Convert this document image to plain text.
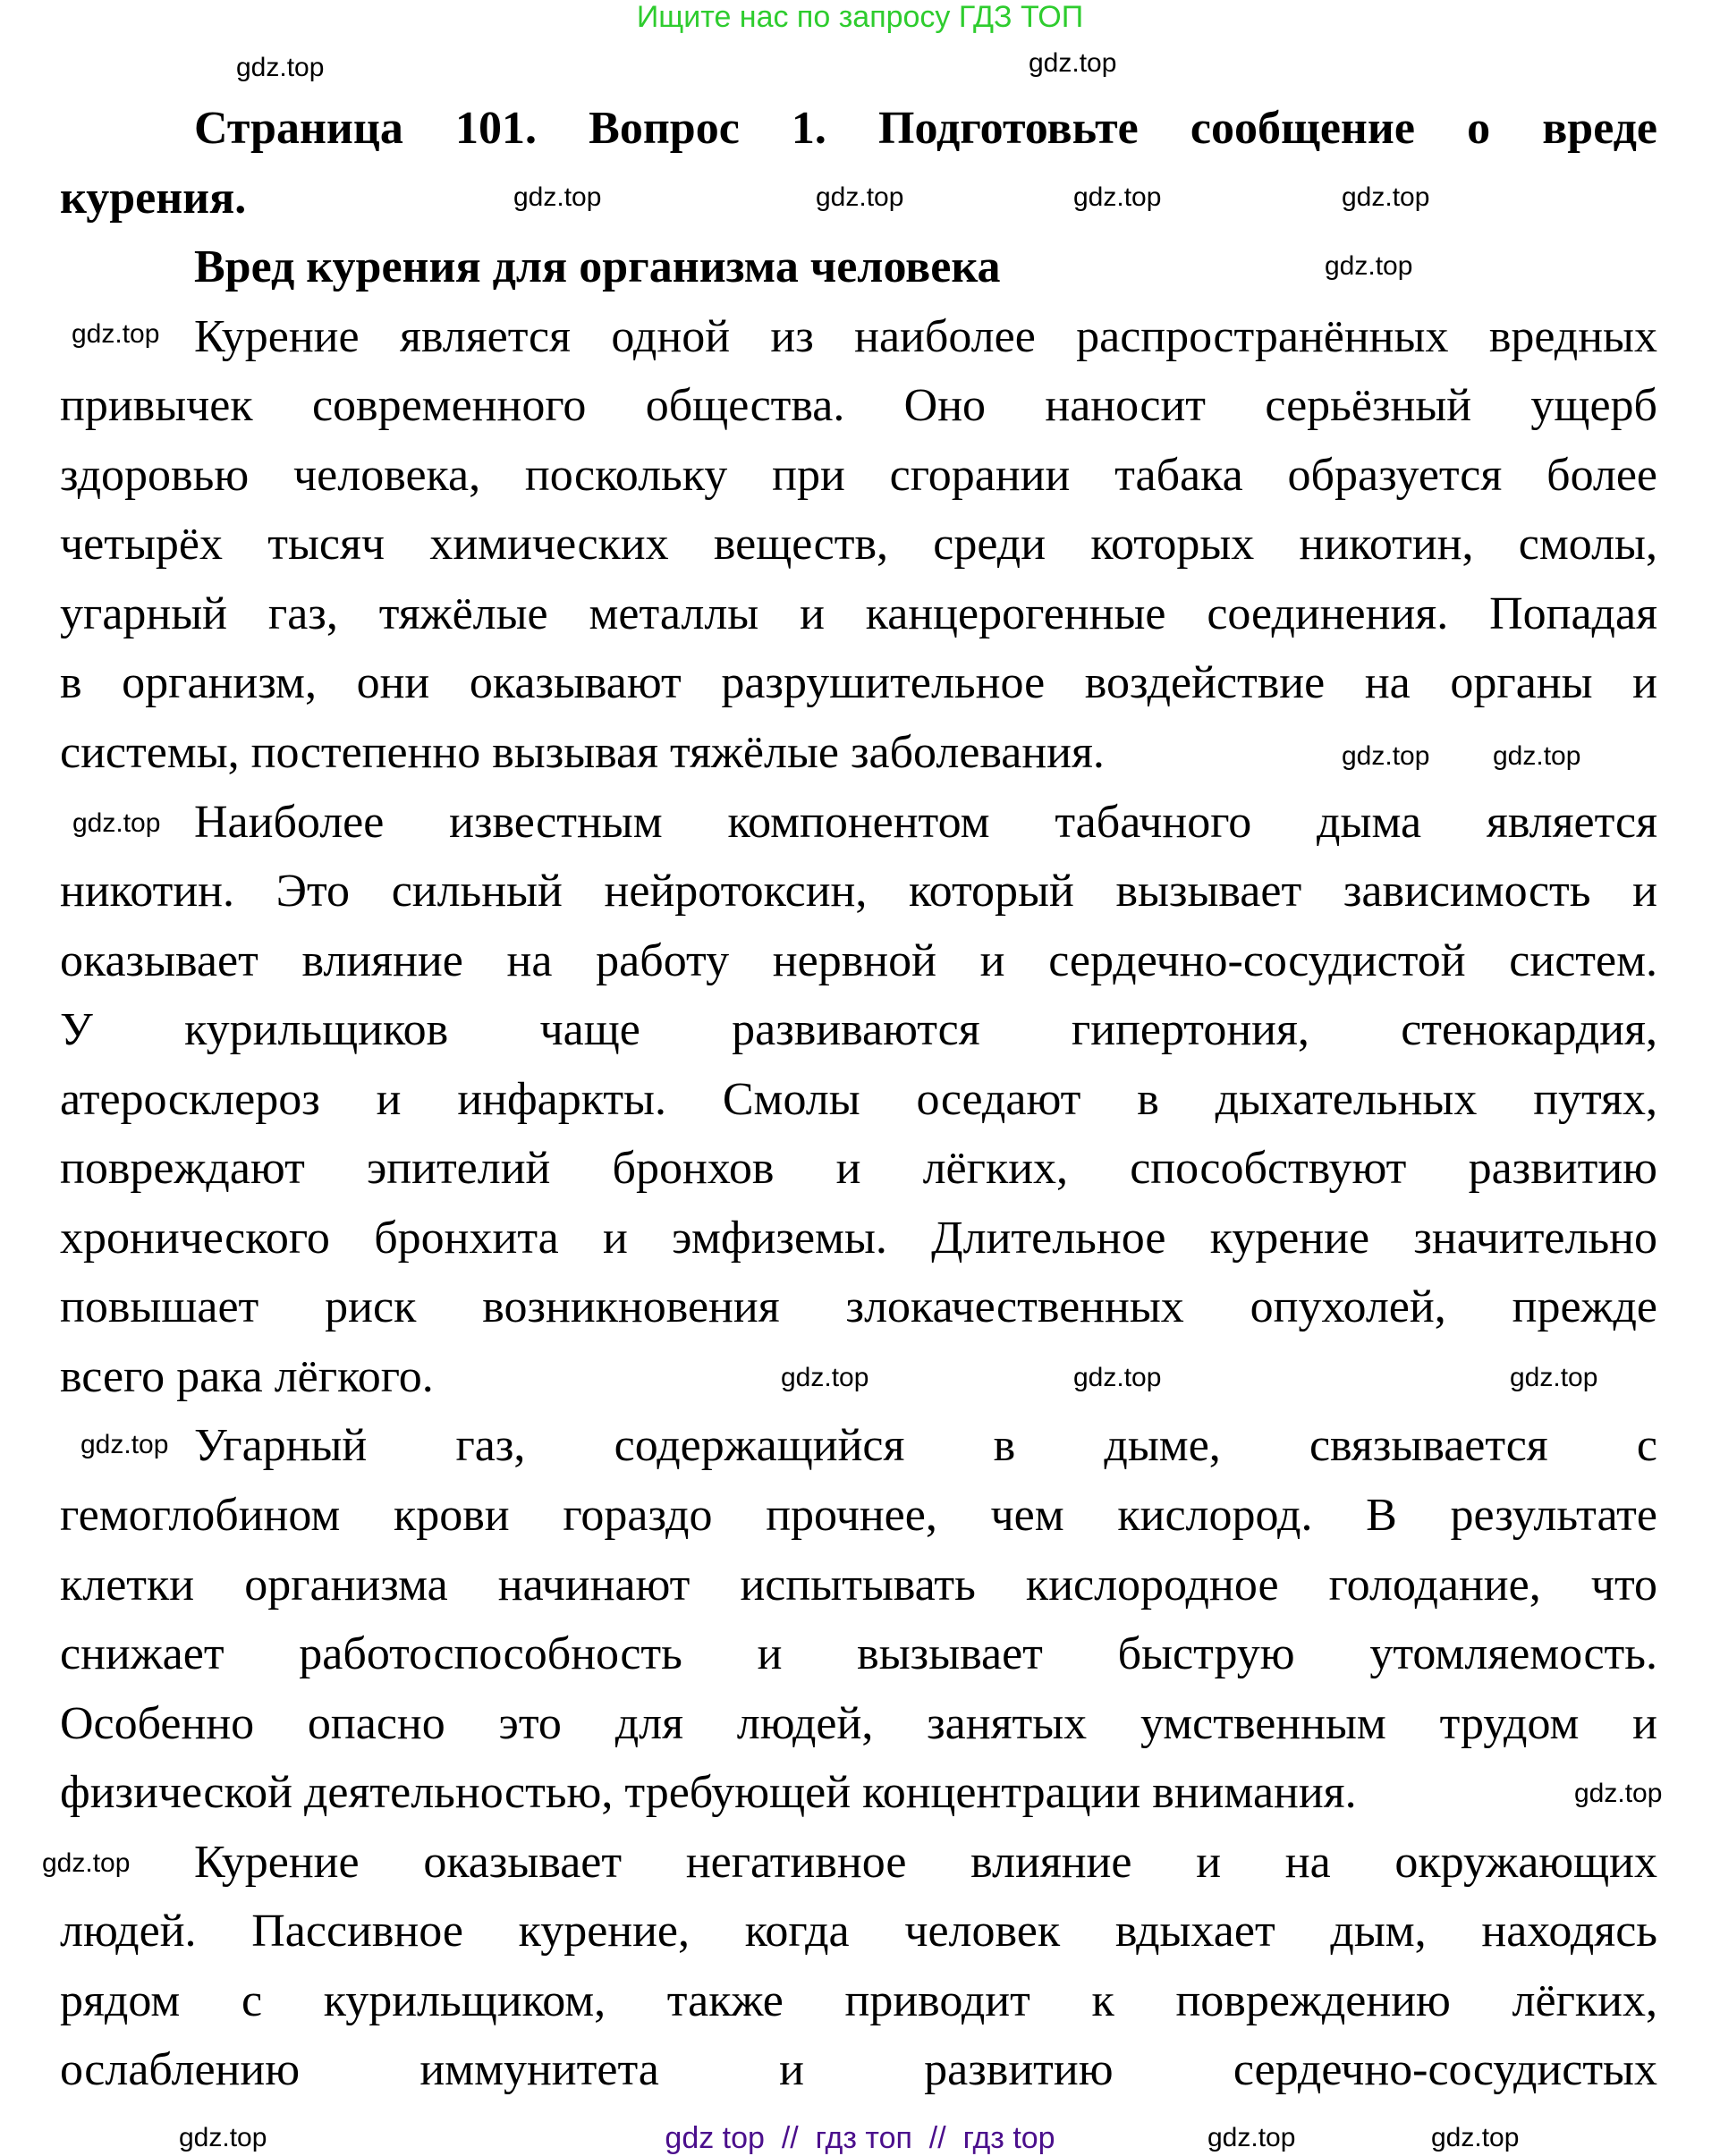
Ищите нас по запросу ГДЗ ТОП
Страница 101. Вопрос 1. Подготовьте сообщение о вреде
курения.
Вред курения для организма человека
Курение является одной из наиболее распространённых вредных
привычек современного общества. Оно наносит серьёзный ущерб
здоровью человека, поскольку при сгорании табака образуется более
четырёх тысяч химических веществ, среди которых никотин, смолы,
угарный газ, тяжёлые металлы и канцерогенные соединения. Попадая
в организм, они оказывают разрушительное воздействие на органы и
системы, постепенно вызывая тяжёлые заболевания.
Наиболее известным компонентом табачного дыма является
никотин. Это сильный нейротоксин, который вызывает зависимость и
оказывает влияние на работу нервной и сердечно-сосудистой систем.
У курильщиков чаще развиваются гипертония, стенокардия,
атеросклероз и инфаркты. Смолы оседают в дыхательных путях,
повреждают эпителий бронхов и лёгких, способствуют развитию
хронического бронхита и эмфиземы. Длительное курение значительно
повышает риск возникновения злокачественных опухолей, прежде
всего рака лёгкого.
Угарный газ, содержащийся в дыме, связывается с
гемоглобином крови гораздо прочнее, чем кислород. В результате
клетки организма начинают испытывать кислородное голодание, что
снижает работоспособность и вызывает быструю утомляемость.
Особенно опасно это для людей, занятых умственным трудом и
физической деятельностью, требующей концентрации внимания.
Курение оказывает негативное влияние и на окружающих
людей. Пассивное курение, когда человек вдыхает дым, находясь
рядом с курильщиком, также приводит к повреждению лёгких,
ослаблению иммунитета и развитию сердечно-сосудистых
gdz.top
gdz.top	gdz.top
gdz.top
gdz.top	gdz.top
gdz.top
gdz.top
gdz.top
gdz.top
gdz.top
gdz.top
gdz.top	gdz.top
gdz.top
gdz.top
gdz.top
gdz.top
gdz.top	gdz.top
gdz top  //  гдз топ  //  гдз top
